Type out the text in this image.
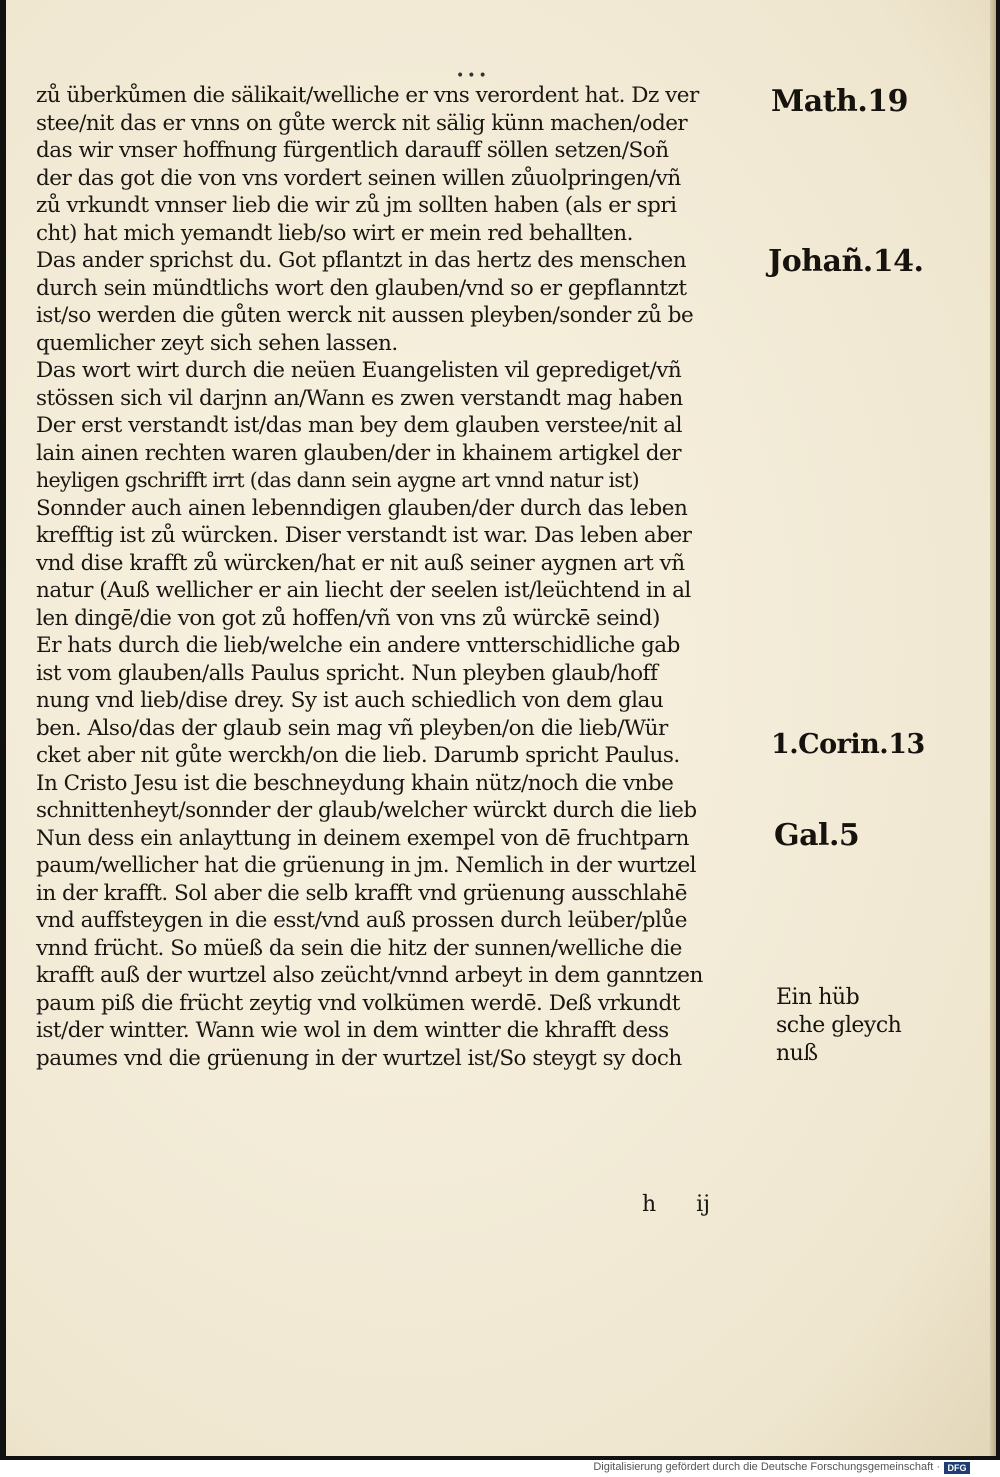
•••
zů überkůmen die sälikait/welliche er vns verordent hat. Dz ver
stee/nit das er vnns on gůte werck nit sälig künn machen/oder
das wir vnser hoffnung fürgentlich darauff söllen setzen/Soñ
der das got die von vns vordert seinen willen zůuolpringen/vñ
zů vrkundt vnnser lieb die wir zů jm sollten haben (als er spri
cht) hat mich yemandt lieb/so wirt er mein red behallten.
Das ander sprichst du. Got pflantzt in das hertz des menschen
durch sein mündtlichs wort den glauben/vnd so er gepflanntzt
ist/so werden die gůten werck nit aussen pleyben/sonder zů be
quemlicher zeyt sich sehen lassen.
Das wort wirt durch die neüen Euangelisten vil geprediget/vñ
stössen sich vil darjnn an/Wann es zwen verstandt mag haben
Der erst verstandt ist/das man bey dem glauben verstee/nit al
lain ainen rechten waren glauben/der in khainem artigkel der
heyligen gschrifft irrt (das dann sein aygne art vnnd natur ist)
Sonnder auch ainen lebenndigen glauben/der durch das leben
krefftig ist zů würcken. Diser verstandt ist war. Das leben aber
vnd dise krafft zů würcken/hat er nit auß seiner aygnen art vñ
natur (Auß wellicher er ain liecht der seelen ist/leüchtend in al
len dingē/die von got zů hoffen/vñ von vns zů würckē seind)
Er hats durch die lieb/welche ein andere vntterschidliche gab
ist vom glauben/alls Paulus spricht. Nun pleyben glaub/hoff
nung vnd lieb/dise drey. Sy ist auch schiedlich von dem glau
ben. Also/das der glaub sein mag vñ pleyben/on die lieb/Wür
cket aber nit gůte werckh/on die lieb. Darumb spricht Paulus.
In Cristo Jesu ist die beschneydung khain nütz/noch die vnbe
schnittenheyt/sonnder der glaub/welcher würckt durch die lieb
Nun dess ein anlayttung in deinem exempel von dē fruchtparn
paum/wellicher hat die grüenung in jm. Nemlich in der wurtzel
in der krafft. Sol aber die selb krafft vnd grüenung ausschlahē
vnd auffsteygen in die esst/vnd auß prossen durch leüber/plůe
vnnd frücht. So müeß da sein die hitz der sunnen/welliche die
krafft auß der wurtzel also zeücht/vnnd arbeyt in dem ganntzen
paum piß die frücht zeytig vnd volkümen werdē. Deß vrkundt
ist/der wintter. Wann wie wol in dem wintter die khrafft dess
paumes vnd die grüenung in der wurtzel ist/So steygt sy doch
Math.19
Johañ.14.
1.Corin.13
Gal.5
Ein hüb
sche gleych
nuß
h ij
Digitalisierung gefördert durch die Deutsche Forschungsgemeinschaft · DFG
